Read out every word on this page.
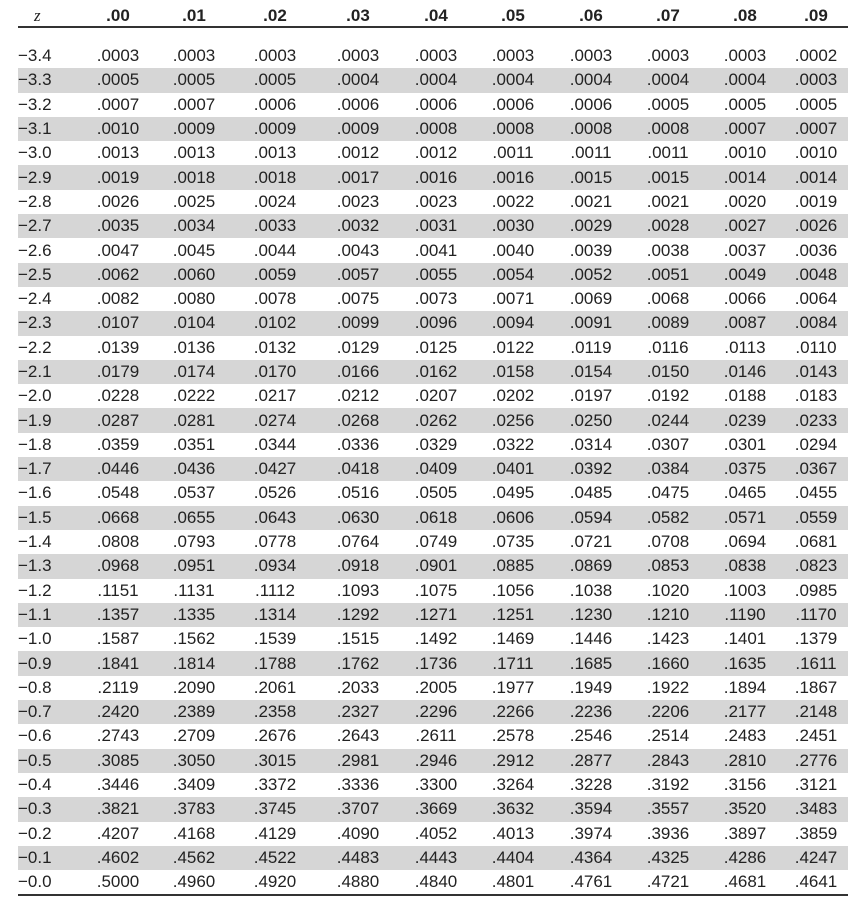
z	.00	.01	.02	.03	.04	.05	.06	.07	.08	.09

−3.4	.0003	.0003	.0003	.0003	.0003	.0003	.0003	.0003	.0003	.0002
−3.3	.0005	.0005	.0005	.0004	.0004	.0004	.0004	.0004	.0004	.0003
−3.2	.0007	.0007	.0006	.0006	.0006	.0006	.0006	.0005	.0005	.0005
−3.1	.0010	.0009	.0009	.0009	.0008	.0008	.0008	.0008	.0007	.0007
−3.0	.0013	.0013	.0013	.0012	.0012	.0011	.0011	.0011	.0010	.0010
−2.9	.0019	.0018	.0018	.0017	.0016	.0016	.0015	.0015	.0014	.0014
−2.8	.0026	.0025	.0024	.0023	.0023	.0022	.0021	.0021	.0020	.0019
−2.7	.0035	.0034	.0033	.0032	.0031	.0030	.0029	.0028	.0027	.0026
−2.6	.0047	.0045	.0044	.0043	.0041	.0040	.0039	.0038	.0037	.0036
−2.5	.0062	.0060	.0059	.0057	.0055	.0054	.0052	.0051	.0049	.0048
−2.4	.0082	.0080	.0078	.0075	.0073	.0071	.0069	.0068	.0066	.0064
−2.3	.0107	.0104	.0102	.0099	.0096	.0094	.0091	.0089	.0087	.0084
−2.2	.0139	.0136	.0132	.0129	.0125	.0122	.0119	.0116	.0113	.0110
−2.1	.0179	.0174	.0170	.0166	.0162	.0158	.0154	.0150	.0146	.0143
−2.0	.0228	.0222	.0217	.0212	.0207	.0202	.0197	.0192	.0188	.0183
−1.9	.0287	.0281	.0274	.0268	.0262	.0256	.0250	.0244	.0239	.0233
−1.8	.0359	.0351	.0344	.0336	.0329	.0322	.0314	.0307	.0301	.0294
−1.7	.0446	.0436	.0427	.0418	.0409	.0401	.0392	.0384	.0375	.0367
−1.6	.0548	.0537	.0526	.0516	.0505	.0495	.0485	.0475	.0465	.0455
−1.5	.0668	.0655	.0643	.0630	.0618	.0606	.0594	.0582	.0571	.0559
−1.4	.0808	.0793	.0778	.0764	.0749	.0735	.0721	.0708	.0694	.0681
−1.3	.0968	.0951	.0934	.0918	.0901	.0885	.0869	.0853	.0838	.0823
−1.2	.1151	.1131	.1112	.1093	.1075	.1056	.1038	.1020	.1003	.0985
−1.1	.1357	.1335	.1314	.1292	.1271	.1251	.1230	.1210	.1190	.1170
−1.0	.1587	.1562	.1539	.1515	.1492	.1469	.1446	.1423	.1401	.1379
−0.9	.1841	.1814	.1788	.1762	.1736	.1711	.1685	.1660	.1635	.1611
−0.8	.2119	.2090	.2061	.2033	.2005	.1977	.1949	.1922	.1894	.1867
−0.7	.2420	.2389	.2358	.2327	.2296	.2266	.2236	.2206	.2177	.2148
−0.6	.2743	.2709	.2676	.2643	.2611	.2578	.2546	.2514	.2483	.2451
−0.5	.3085	.3050	.3015	.2981	.2946	.2912	.2877	.2843	.2810	.2776
−0.4	.3446	.3409	.3372	.3336	.3300	.3264	.3228	.3192	.3156	.3121
−0.3	.3821	.3783	.3745	.3707	.3669	.3632	.3594	.3557	.3520	.3483
−0.2	.4207	.4168	.4129	.4090	.4052	.4013	.3974	.3936	.3897	.3859
−0.1	.4602	.4562	.4522	.4483	.4443	.4404	.4364	.4325	.4286	.4247
−0.0	.5000	.4960	.4920	.4880	.4840	.4801	.4761	.4721	.4681	.4641
